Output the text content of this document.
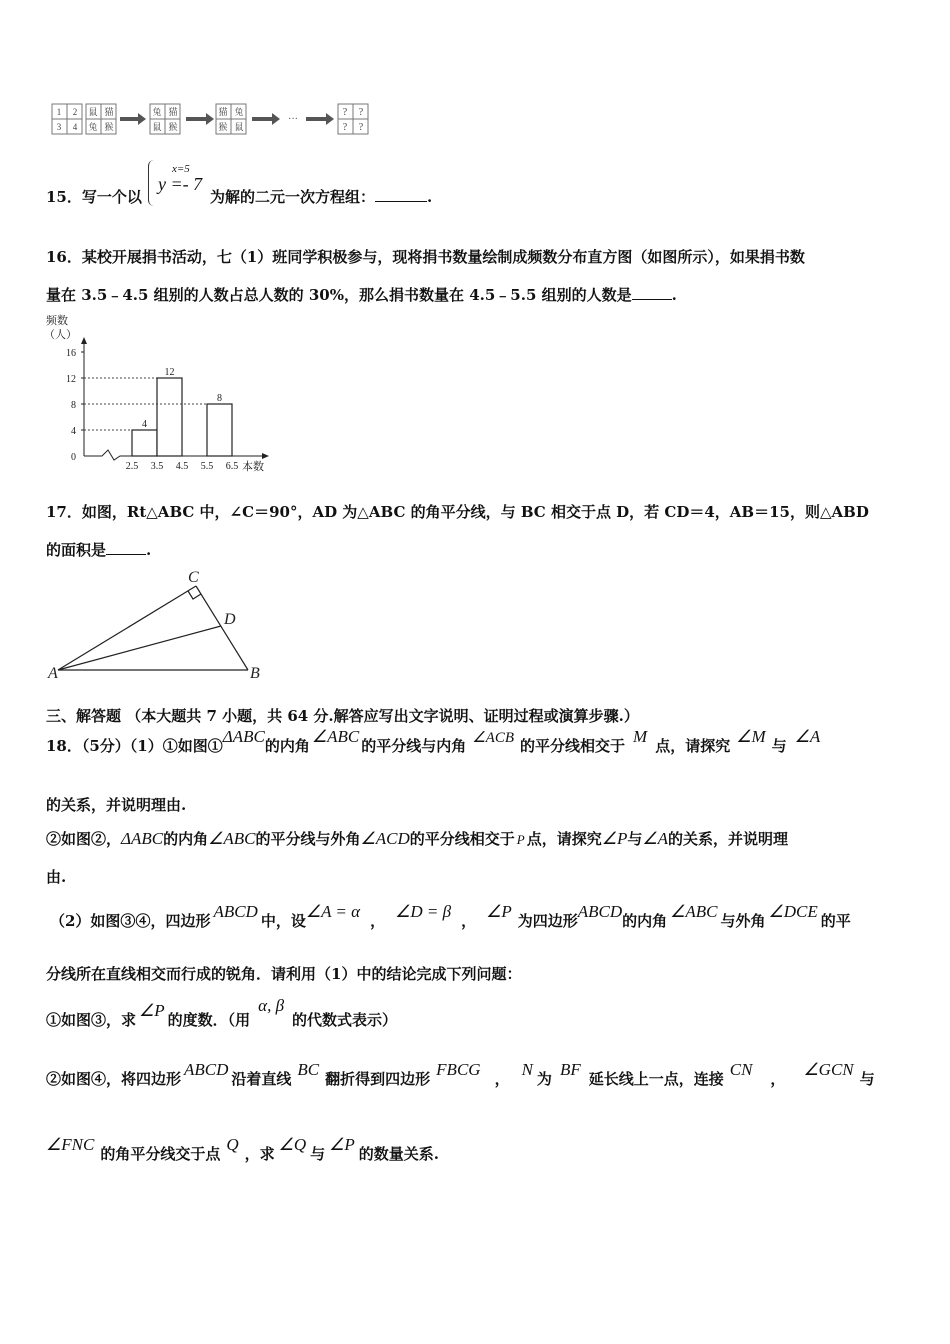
1 2
3 4
鼠 猫
兔 猴
兔 猫
鼠 猴
猫 兔
猴 鼠
···
? ?
? ?
15．写一个以
x=5
y =- 7
为解的二元一次方程组：	.
16．某校开展捐书活动，七（1）班同学积极参与，现将捐书数量绘制成频数分布直方图（如图所示），如果捐书数
量在 3.5﹣4.5 组别的人数占总人数的 30%，那么捐书数量在 4.5﹣5.5 组别的人数是	.
频数
（人）
本数
0
4
8
12
16
2.5 3.5 4.5 5.5 6.5
4
12
8
17．如图，Rt△ABC 中，∠C＝90°，AD 为△ABC 的角平分线，与 BC 相交于点 D，若 CD＝4，AB＝15，则△ABD
的面积是	.
C
D
A	B
三、解答题 （本大题共 7 小题，共 64 分.解答应写出文字说明、证明过程或演算步骤.）
18．（5分）（1）①如图①ΔABC的内角 ∠ABC 的平分线与内角 ∠ACB 的平分线相交于 M 点，请探究 ∠M 与 ∠A
的关系，并说明理由.
②如图②，ΔABC的内角∠ABC的平分线与外角∠ACD的平分线相交于 P 点，请探究∠P与∠A的关系，并说明理
由.
（2）如图③④，四边形 ABCD 中，设∠A = α ， ∠D = β ， ∠P 为四边形ABCD的内角 ∠ABC 与外角 ∠DCE 的平
分线所在直线相交而行成的锐角．请利用（1）中的结论完成下列问题：
①如图③，求 ∠P 的度数．（用α, β的代数式表示）
②如图④，将四边形 ABCD 沿着直线 BC 翻折得到四边形 FBCG ， N 为 BF 延长线上一点，连接 CN ， ∠GCN 与
∠FNC 的角平分线交于点 Q ，求 ∠Q 与 ∠P 的数量关系.
